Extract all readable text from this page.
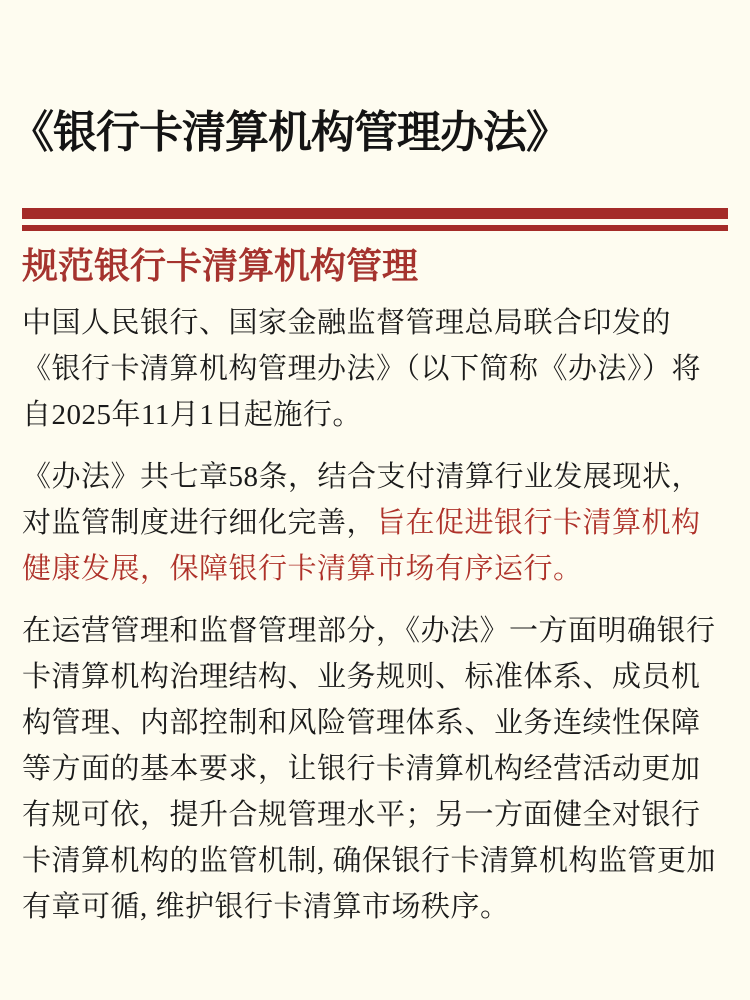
《银行卡清算机构管理办法》
规范银行卡清算机构管理

中国人民银行、国家金融监督管理总局联合印发的《银行卡清算机构管理办法》（以下简称《办法》）将自2025年11月1日起施行。

《办法》共七章58条，结合支付清算行业发展现状，对监管制度进行细化完善，旨在促进银行卡清算机构健康发展，保障银行卡清算市场有序运行。

在运营管理和监督管理部分，《办法》一方面明确银行卡清算机构治理结构、业务规则、标准体系、成员机构管理、内部控制和风险管理体系、业务连续性保障等方面的基本要求，让银行卡清算机构经营活动更加有规可依，提升合规管理水平；另一方面健全对银行卡清算机构的监管机制, 确保银行卡清算机构监管更加有章可循, 维护银行卡清算市场秩序。
